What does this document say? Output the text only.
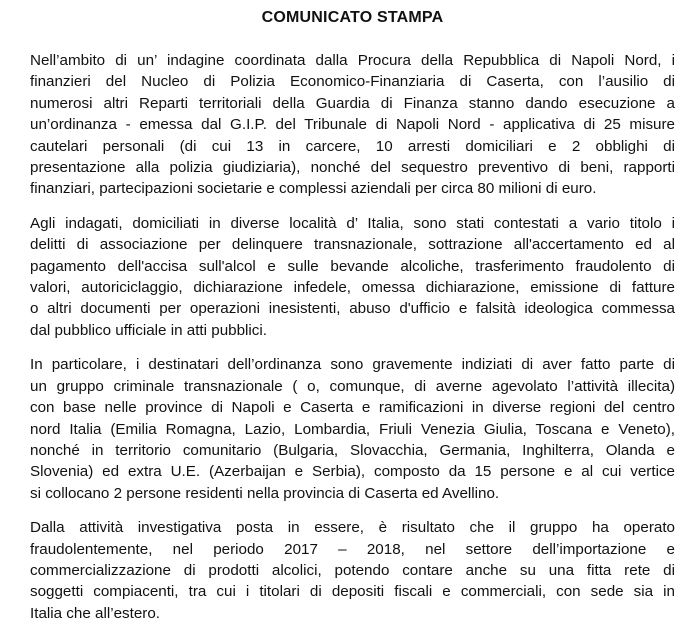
COMUNICATO STAMPA
Nell’ambito di un’ indagine coordinata dalla Procura della Repubblica di Napoli Nord, i
finanzieri del Nucleo di Polizia Economico-Finanziaria di Caserta, con l’ausilio di
numerosi altri Reparti territoriali della Guardia di Finanza stanno dando esecuzione a
un’ordinanza - emessa dal G.I.P. del Tribunale di Napoli Nord - applicativa di 25 misure
cautelari personali (di cui 13 in carcere, 10 arresti domiciliari e 2 obblighi di
presentazione alla polizia giudiziaria), nonché del sequestro preventivo di beni, rapporti
finanziari, partecipazioni societarie e complessi aziendali per circa 80 milioni di euro.
Agli indagati, domiciliati in diverse località d’ Italia, sono stati contestati a vario titolo i
delitti di associazione per delinquere transnazionale, sottrazione all'accertamento ed al
pagamento dell'accisa sull'alcol e sulle bevande alcoliche, trasferimento fraudolento di
valori, autoriciclaggio, dichiarazione infedele, omessa dichiarazione, emissione di fatture
o altri documenti per operazioni inesistenti, abuso d'ufficio e falsità ideologica commessa
dal pubblico ufficiale in atti pubblici.
In particolare, i destinatari dell’ordinanza sono gravemente indiziati di aver fatto parte di
un gruppo criminale transnazionale ( o, comunque, di averne agevolato l’attività illecita)
con base nelle province di Napoli e Caserta e ramificazioni in diverse regioni del centro
nord Italia (Emilia Romagna, Lazio, Lombardia, Friuli Venezia Giulia, Toscana e Veneto),
nonché in territorio comunitario (Bulgaria, Slovacchia, Germania, Inghilterra, Olanda e
Slovenia) ed extra U.E. (Azerbaijan e Serbia), composto da 15 persone e al cui vertice
si collocano 2 persone residenti nella provincia di Caserta ed Avellino.
Dalla attività investigativa posta in essere, è risultato che il gruppo ha operato
fraudolentemente, nel periodo 2017 – 2018, nel settore dell’importazione e
commercializzazione di prodotti alcolici, potendo contare anche su una fitta rete di
soggetti compiacenti, tra cui i titolari di depositi fiscali e commerciali, con sede sia in
Italia che all’estero.
